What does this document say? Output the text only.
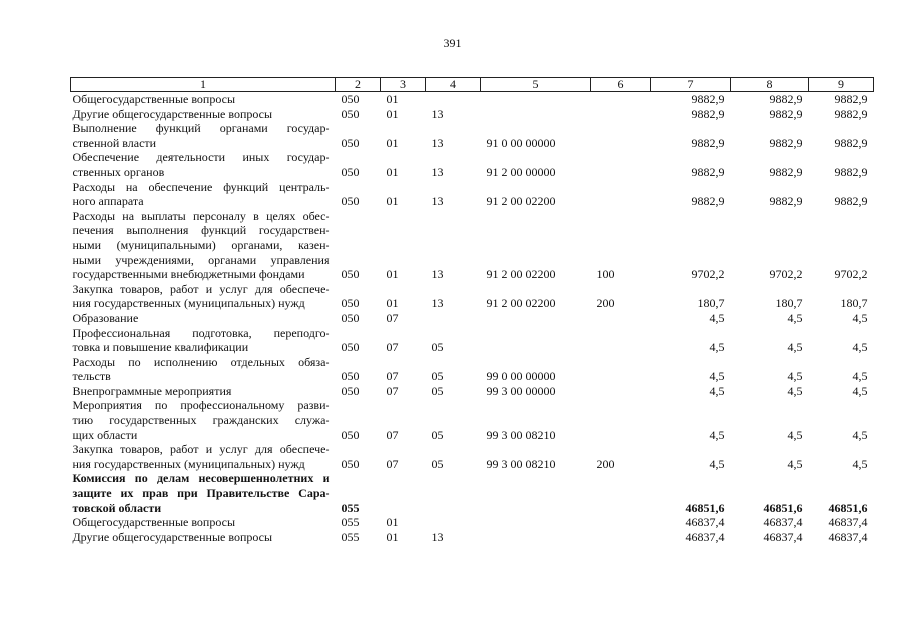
391
1	2	3	4	5	6	7	8	9

Общегосударственные вопросы	050	01				9882,9	9882,9	9882,9

Другие общегосударственные вопросы	050	01	13			9882,9	9882,9	9882,9

Выполнение функций органами государ-
ственной власти	050	01	13	91 0 00 00000		9882,9	9882,9	9882,9

Обеспечение деятельности иных государ-
ственных органов	050	01	13	91 2 00 00000		9882,9	9882,9	9882,9

Расходы на обеспечение функций централь-
ного аппарата	050	01	13	91 2 00 02200		9882,9	9882,9	9882,9

Расходы на выплаты персоналу в целях обес-
печения выполнения функций государствен-
ными (муниципальными) органами, казен-
ными учреждениями, органами управления
государственными внебюджетными фондами	050	01	13	91 2 00 02200	100	9702,2	9702,2	9702,2

Закупка товаров, работ и услуг для обеспече-
ния государственных (муниципальных) нужд	050	01	13	91 2 00 02200	200	180,7	180,7	180,7

Образование	050	07				4,5	4,5	4,5

Профессиональная подготовка, переподго-
товка и повышение квалификации	050	07	05			4,5	4,5	4,5

Расходы по исполнению отдельных обяза-
тельств	050	07	05	99 0 00 00000		4,5	4,5	4,5

Внепрограммные мероприятия	050	07	05	99 3 00 00000		4,5	4,5	4,5

Мероприятия по профессиональному разви-
тию государственных гражданских служа-
щих области	050	07	05	99 3 00 08210		4,5	4,5	4,5

Закупка товаров, работ и услуг для обеспече-
ния государственных (муниципальных) нужд	050	07	05	99 3 00 08210	200	4,5	4,5	4,5

Комиссия по делам несовершеннолетних и
защите их прав при Правительстве Сара-
товской области	055					46851,6	46851,6	46851,6

Общегосударственные вопросы	055	01				46837,4	46837,4	46837,4

Другие общегосударственные вопросы	055	01	13			46837,4	46837,4	46837,4
